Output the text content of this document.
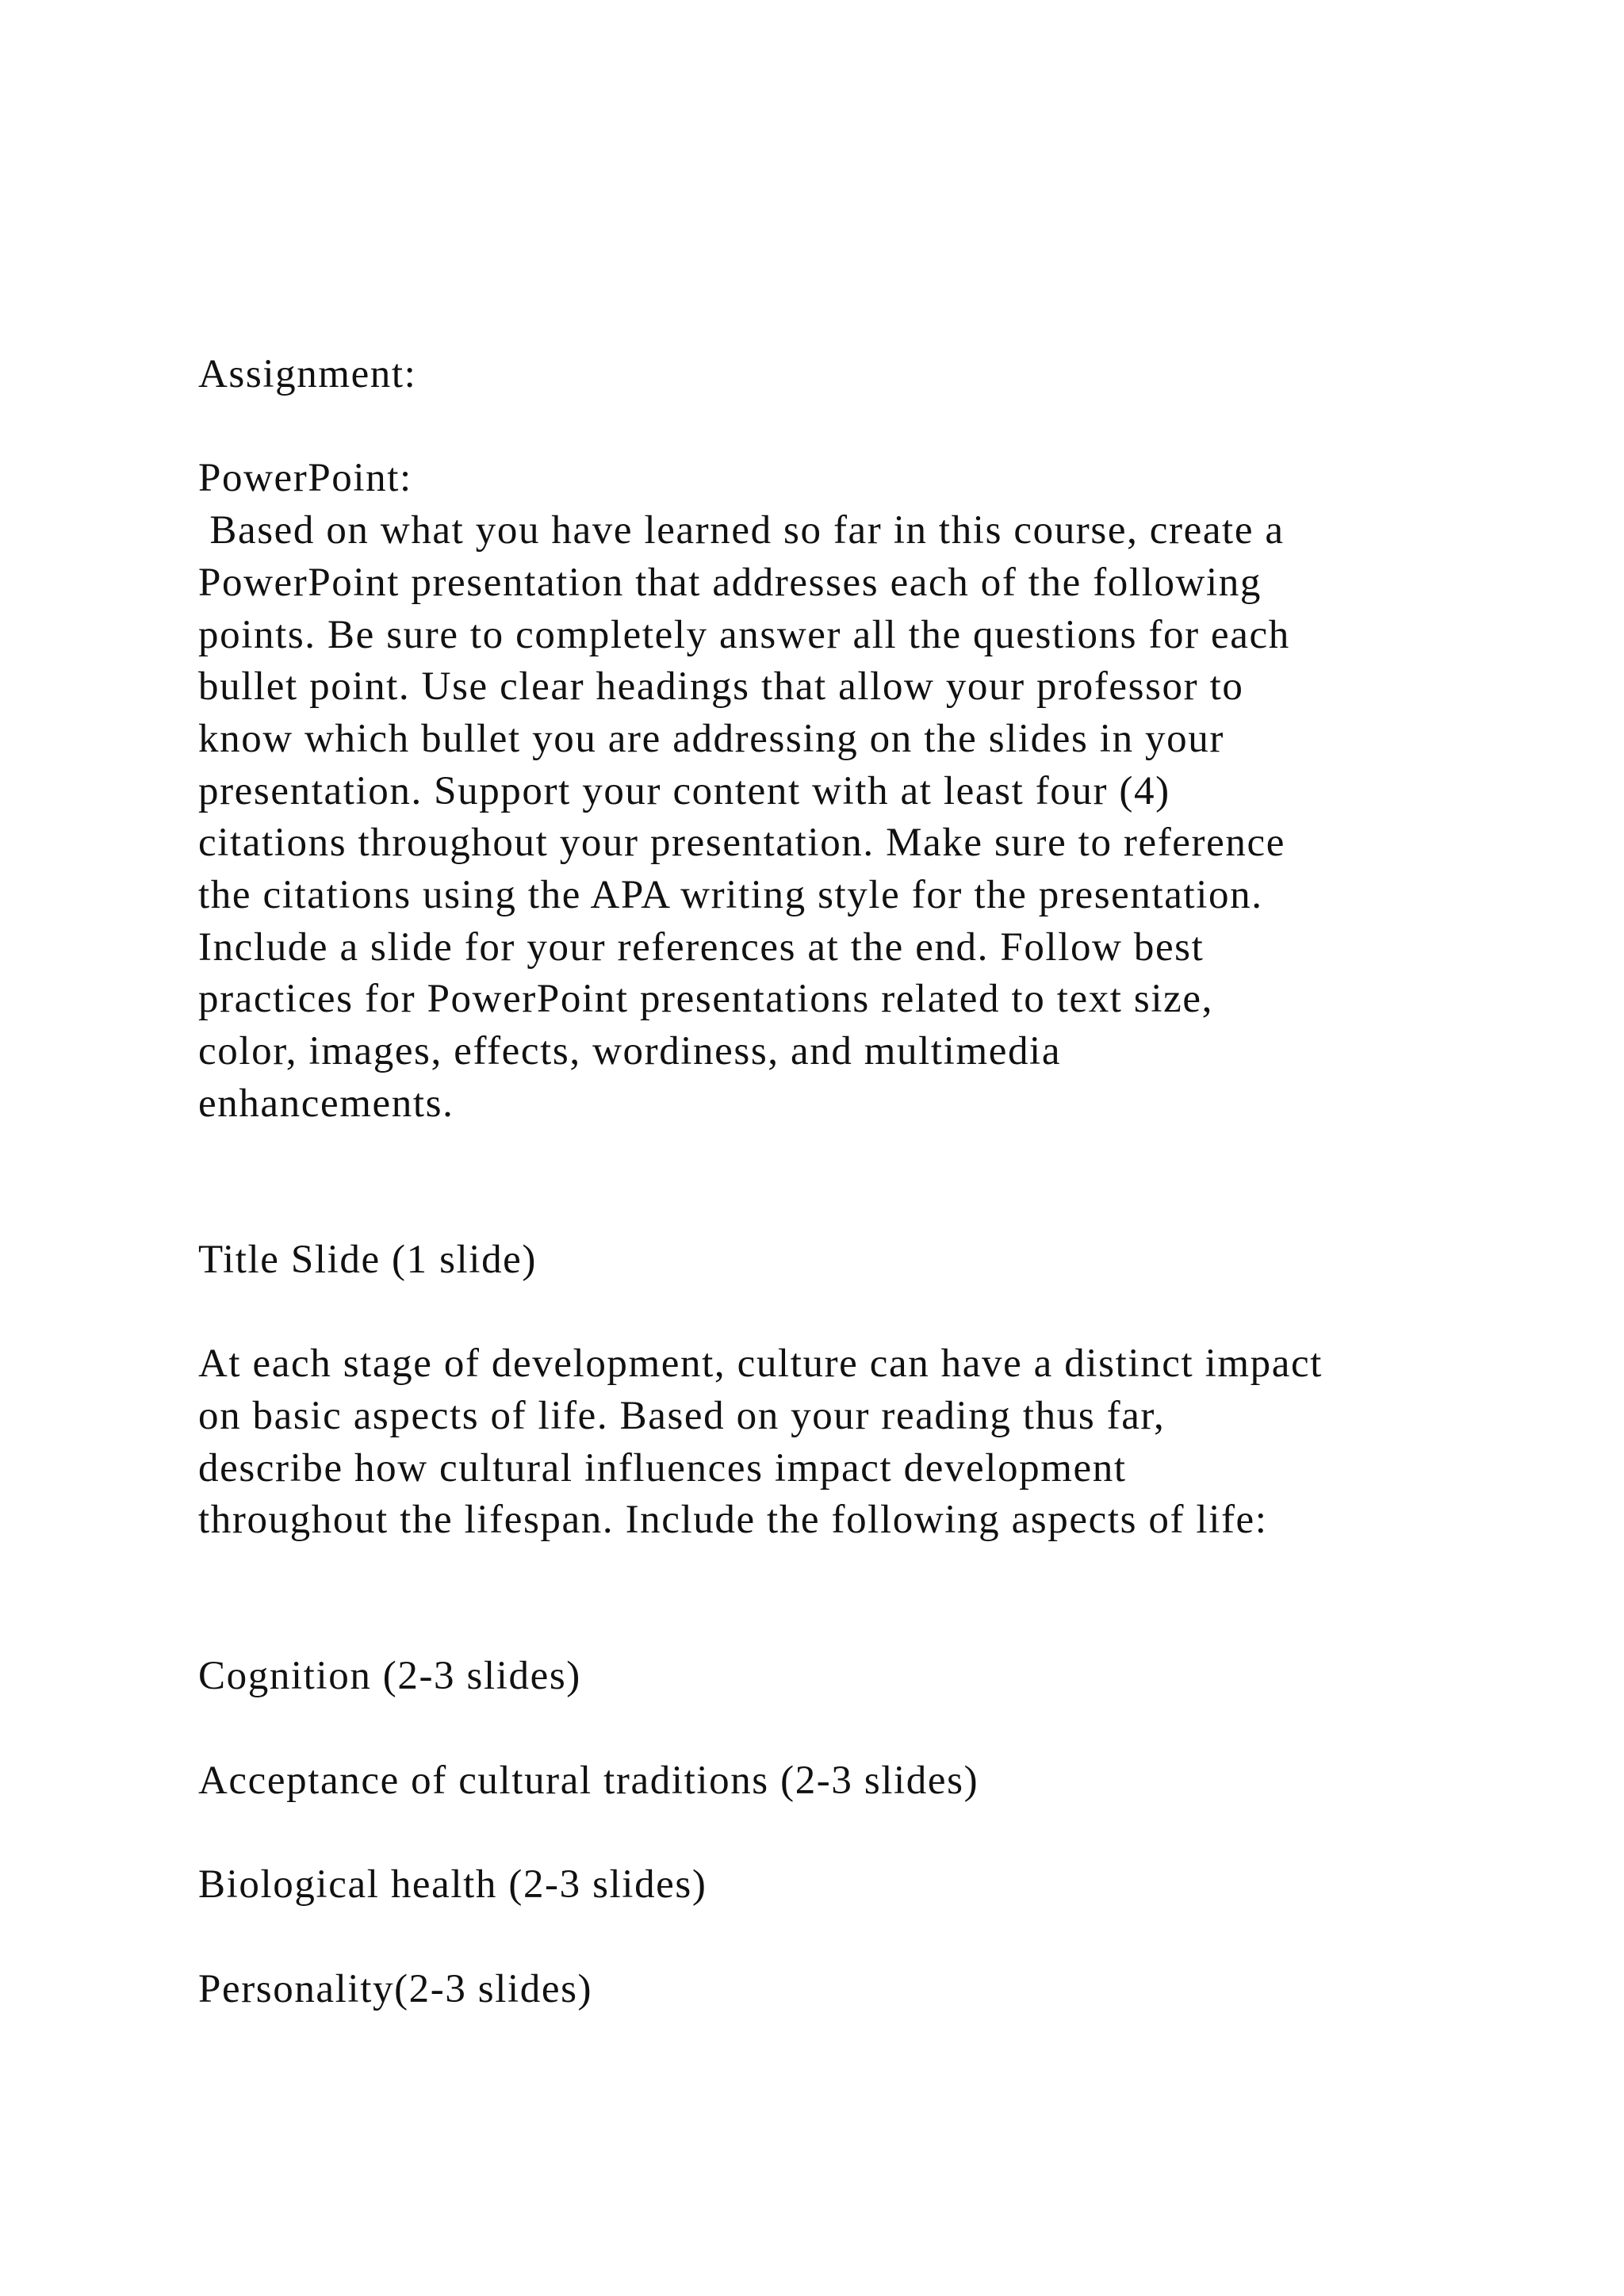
Assignment:
PowerPoint:
Based on what you have learned so far in this course, create a
PowerPoint presentation that addresses each of the following
points. Be sure to completely answer all the questions for each
bullet point. Use clear headings that allow your professor to
know which bullet you are addressing on the slides in your
presentation. Support your content with at least four (4)
citations throughout your presentation. Make sure to reference
the citations using the APA writing style for the presentation.
Include a slide for your references at the end. Follow best
practices for PowerPoint presentations related to text size,
color, images, effects, wordiness, and multimedia
enhancements.
Title Slide (1 slide)
At each stage of development, culture can have a distinct impact
on basic aspects of life. Based on your reading thus far,
describe how cultural influences impact development
throughout the lifespan. Include the following aspects of life:
Cognition (2-3 slides)
Acceptance of cultural traditions (2-3 slides)
Biological health (2-3 slides)
Personality(2-3 slides)
